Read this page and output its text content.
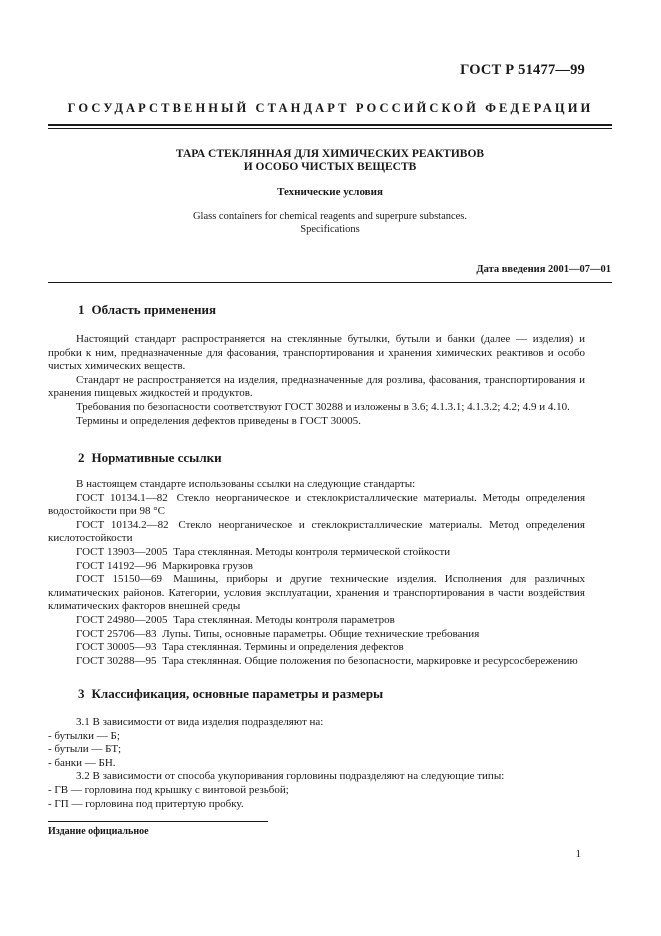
ГОСТ Р 51477—99
ГОСУДАРСТВЕННЫЙ СТАНДАРТ РОССИЙСКОЙ ФЕДЕРАЦИИ
ТАРА СТЕКЛЯННАЯ ДЛЯ ХИМИЧЕСКИХ РЕАКТИВОВ
И ОСОБО ЧИСТЫХ ВЕЩЕСТВ
Технические условия
Glass containers for chemical reagents and superpure substances.
Specifications
Дата введения 2001—07—01
1 Область применения

Настоящий стандарт распространяется на стеклянные бутылки, бутыли и банки (далее — изделия) и пробки к ним, предназначенные для фасования, транспортирования и хранения химических реактивов и особо чистых химических веществ.

Стандарт не распространяется на изделия, предназначенные для розлива, фасования, транспортирования и хранения пищевых жидкостей и продуктов.

Требования по безопасности соответствуют ГОСТ 30288 и изложены в 3.6; 4.1.3.1; 4.1.3.2; 4.2; 4.9 и 4.10.

Термины и определения дефектов приведены в ГОСТ 30005.

2 Нормативные ссылки

В настоящем стандарте использованы ссылки на следующие стандарты:

ГОСТ 10134.1—82 Стекло неорганическое и стеклокристаллические материалы. Методы определения водостойкости при 98 °С

ГОСТ 10134.2—82 Стекло неорганическое и стеклокристаллические материалы. Метод определения кислотостойкости

ГОСТ 13903—2005 Тара стеклянная. Методы контроля термической стойкости

ГОСТ 14192—96 Маркировка грузов

ГОСТ 15150—69 Машины, приборы и другие технические изделия. Исполнения для различных климатических районов. Категории, условия эксплуатации, хранения и транспортирования в части воздействия климатических факторов внешней среды

ГОСТ 24980—2005 Тара стеклянная. Методы контроля параметров

ГОСТ 25706—83 Лупы. Типы, основные параметры. Общие технические требования

ГОСТ 30005—93 Тара стеклянная. Термины и определения дефектов

ГОСТ 30288—95 Тара стеклянная. Общие положения по безопасности, маркировке и ресурсосбережению

3 Классификация, основные параметры и размеры

3.1 В зависимости от вида изделия подразделяют на:

- бутылки — Б;

- бутыли — БТ;

- банки — БН.

3.2 В зависимости от способа укупоривания горловины подразделяют на следующие типы:

- ГВ — горловина под крышку с винтовой резьбой;

- ГП — горловина под притертую пробку.

Издание официальное
1
